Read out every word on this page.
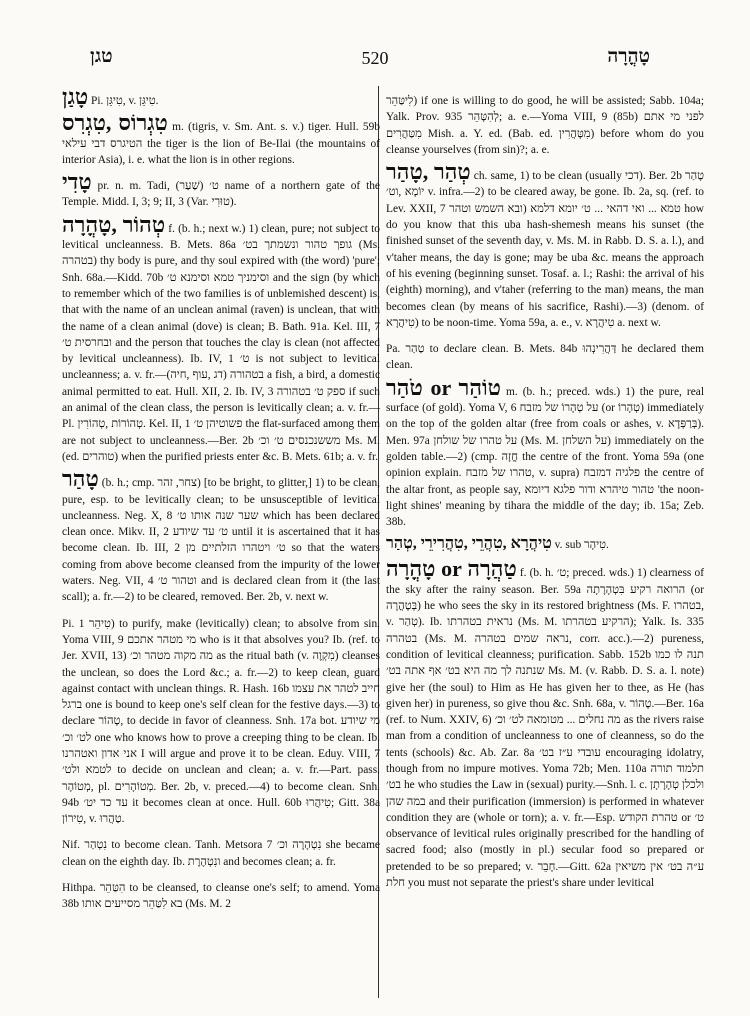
טגן	520	טָהֳרָה

טָגַן Pi. טִיגֵּן, v. טִיגֵּן.

טִגְרוֹס ,טִגְרִס m. (tigris, v. Sm. Ant. s. v.) tiger. Hull. 59b הטיגרס דבי עילאי the tiger is the lion of Be-Ilai (the mountains of interior Asia), i. e. what the lion is in other regions.

טָדִי pr. n. m. Tadi, (שַׁעַר) ט׳ name of a northern gate of the Temple. Midd. I, 3; 9; II, 3 (Var. טוּרִי).

טְהוֹר ,טָהֳרָה f. (b. h.; next w.) 1) clean, pure; not subject to levitical uncleanness. B. Mets. 86a גופך טהור ונשמתך בט׳ (Ms. בטהרה) thy body is pure, and thy soul expired with (the word) 'pure'; Snh. 68a.—Kidd. 70b וסימניך טמא וסימנא ט׳ and the sign (by which to remember which of the two families is of unblemished descent) is, that with the name of an unclean animal (raven) is unclean, that with the name of a clean animal (dove) is clean; B. Bath. 91a. Kel. III, 7 ובחרסית ט׳ and the person that touches the clay is clean (not affected by levitical uncleanness). Ib. IV, 1 ט׳ is not subject to levitical uncleanness; a. v. fr.—(דג ,עוף ,חיה) בטהורה a fish, a bird, a domestic animal permitted to eat. Hull. XII, 2. Ib. IV, 3 ספק ט׳ בטהורה if such an animal of the clean class, the person is levitically clean; a. v. fr.—Pl. טְהוֹרוֹת ,טְהוֹרִין. Kel. II, 1 פשוטיהן ט׳ the flat-surfaced among them are not subject to uncleanness.—Ber. 2b מששנכנסים ט׳ וכ׳ Ms. M. (ed. טוהרים) when the purified priests enter &c. B. Mets. 61b; a. v. fr.

טָהַר (b. h.; cmp. צחר, זהר) [to be bright, to glitter,] 1) to be clean, pure, esp. to be levitically clean; to be unsusceptible of levitical uncleanness. Neg. X, 8 שער שנה אותו ט׳ which has been declared clean once. Mikv. II, 2 ט׳ עד שיודע until it is ascertained that it has become clean. Ib. III, 2 ט׳ ויטהרו הזלתיים מן so that the waters coming from above become cleansed from the impurity of the lower waters. Neg. VII, 4 וטהור ט׳ and is declared clean from it (the last scall); a. fr.—2) to be cleared, removed. Ber. 2b, v. next w.

Pi. טִיהֵר 1) to purify, make (levitically) clean; to absolve from sin. Yoma VIII, 9 מי מטהר אתכם who is it that absolves you? Ib. (ref. to Jer. XVII, 13) מה מקוה מטהר וכ׳ as the ritual bath (v. מִקְוֶה) cleanses the unclean, so does the Lord &c.; a. fr.—2) to keep clean, guard against contact with unclean things. R. Hash. 16b חייב לטהר את עצמו ברגל one is bound to keep one's self clean for the festive days.—3) to declare טָהוֹר, to decide in favor of cleanness. Snh. 17a bot. מי שיודע לט׳ וכ׳ one who knows how to prove a creeping thing to be clean. Ib. אני אדון ואטהרנו I will argue and prove it to be clean. Eduy. VIII, 7 לטמא ולט׳ to decide on unclean and clean; a. v. fr.—Part. pass. מְטוֹהָר, pl. מְטוֹהָרִים. Ber. 2b, v. preced.—4) to become clean. Snh. 94b עד כד יט׳ it becomes clean at once. Hull. 60b טִיהֲרוּ; Gitt. 38a טִירוֹן, v. טַהֲרוּ.

Nif. נִטְהַר to become clean. Tanh. Metsora 7 נִטְהָרָה וכ׳ she became clean on the eighth day. Ib. ונִטְהֶרֶת and becomes clean; a. fr.

Hithpa. הִטַּהֵר to be cleansed, to cleanse one's self; to amend. Yoma 38b בא לִטַּהֵר מסייעים אותו (Ms. M. 2

לִיטַּהֵר) if one is willing to do good, he will be assisted; Sabb. 104a; Yalk. Prov. 935 לְהִטָּהֵר; a. e.—Yoma VIII, 9 (85b) לפני מי אתם מִטַּהֲרִים Mish. a. Y. ed. (Bab. ed. מִטָּהֲרִין) before whom do you cleanse yourselves (from sin)?; a. e.

טְהַר ,טָהַר ch. same, 1) to be clean (usually דכי). Ber. 2b טָהַר יוֹמָא ,וט׳ v. infra.—2) to be cleared away, be gone. Ib. 2a, sq. (ref. to Lev. XXII, 7 ובא השמש וטהר) טמא ... ואי דהאי ... ט׳ יומא דלמא how do you know that this uba hash-shemesh means his sunset (the finished sunset of the seventh day, v. Ms. M. in Rabb. D. S. a. l.), and v'taher means, the day is gone; may be uba &c. means the approach of his evening (beginning sunset. Tosaf. a. l.; Rashi: the arrival of his (eighth) morning), and v'taher (referring to the man) means, the man becomes clean (by means of his sacrifice, Rashi).—3) (denom. of טִיהֲרָא) to be noon-time. Yoma 59a, a. e., v. טִיהֲרָא a. next w.

Pa. טַהַר to declare clean. B. Mets. 84b דַּהֲרִינְהוּ he declared them clean.

טֹהַר or טוֹהַר m. (b. h.; preced. wds.) 1) the pure, real surface (of gold). Yoma V, 6 על טְהָרוֹ של מזבח (or טְהָרוֹ) immediately on the top of the golden altar (free from coals or ashes, v. בְּרַפְּדָא). Men. 97a על טהרו של שולחן (Ms. M. על השלחן) immediately on the golden table.—2) (cmp. חֱזָה the centre of the front. Yoma 59a (one opinion explain. טהרו של מזבח, v. supra) פלגיה דמזבח the centre of the altar front, as people say, טהור טיהרא ודור פלגא דיומא 'the noon-light shines' meaning by tihara the middle of the day; ib. 15a; Zeb. 38b.

טִיהֲרָא ,טִהֲרֵי ,טִהֲרִירֵי ,טְהַר v. sub טִיהָר.

טָהֳרָה or טַהֲרָה f. (b. h. ט׳; preced. wds.) 1) clearness of the sky after the rainy season. Ber. 59a הרואה רקיע בִּטְהָרָתָה (or בְּטָהֳרָה) he who sees the sky in its restored brightness (Ms. F. בטהרו, v. טְהַר). Ib. נראית בטהרתו (Ms. M. הרקיע בטהרתו); Yalk. Is. 335 בטהרה (Ms. M. נראה שמים בטהרה, corr. acc.).—2) pureness, condition of levitical cleanness; purification. Sabb. 152b תנה לו כמו שנתנה לך מה היא בט׳ אף אתה בט׳ Ms. M. (v. Rabb. D. S. a. l. note) give her (the soul) to Him as He has given her to thee, as He (has given her) in pureness, so give thou &c. Snh. 68a, v. טָהוֹר.—Ber. 16a (ref. to Num. XXIV, 6) מה נחלים ... מטומאה לט׳ וכ׳ as the rivers raise man from a condition of uncleanness to one of cleanness, so do the tents (schools) &c. Ab. Zar. 8a עובדי ע״ז בט׳ encouraging idolatry, though from no impure motives. Yoma 72b; Men. 110a תלמוד תורה בט׳ he who studies the Law in (sexual) purity.—Snh. l. c. ולכלן טְהָרָתָן במה שהן and their purification (immersion) is performed in whatever condition they are (whole or torn); a. v. fr.—Esp. טהרת הקודש or ט׳ observance of levitical rules originally prescribed for the handling of sacred food; also (mostly in pl.) secular food so prepared or pretended to be so prepared; v. חָבֵר.—Gitt. 62a ע״ה בט׳ אין משיאין חלת you must not separate the priest's share under levitical
